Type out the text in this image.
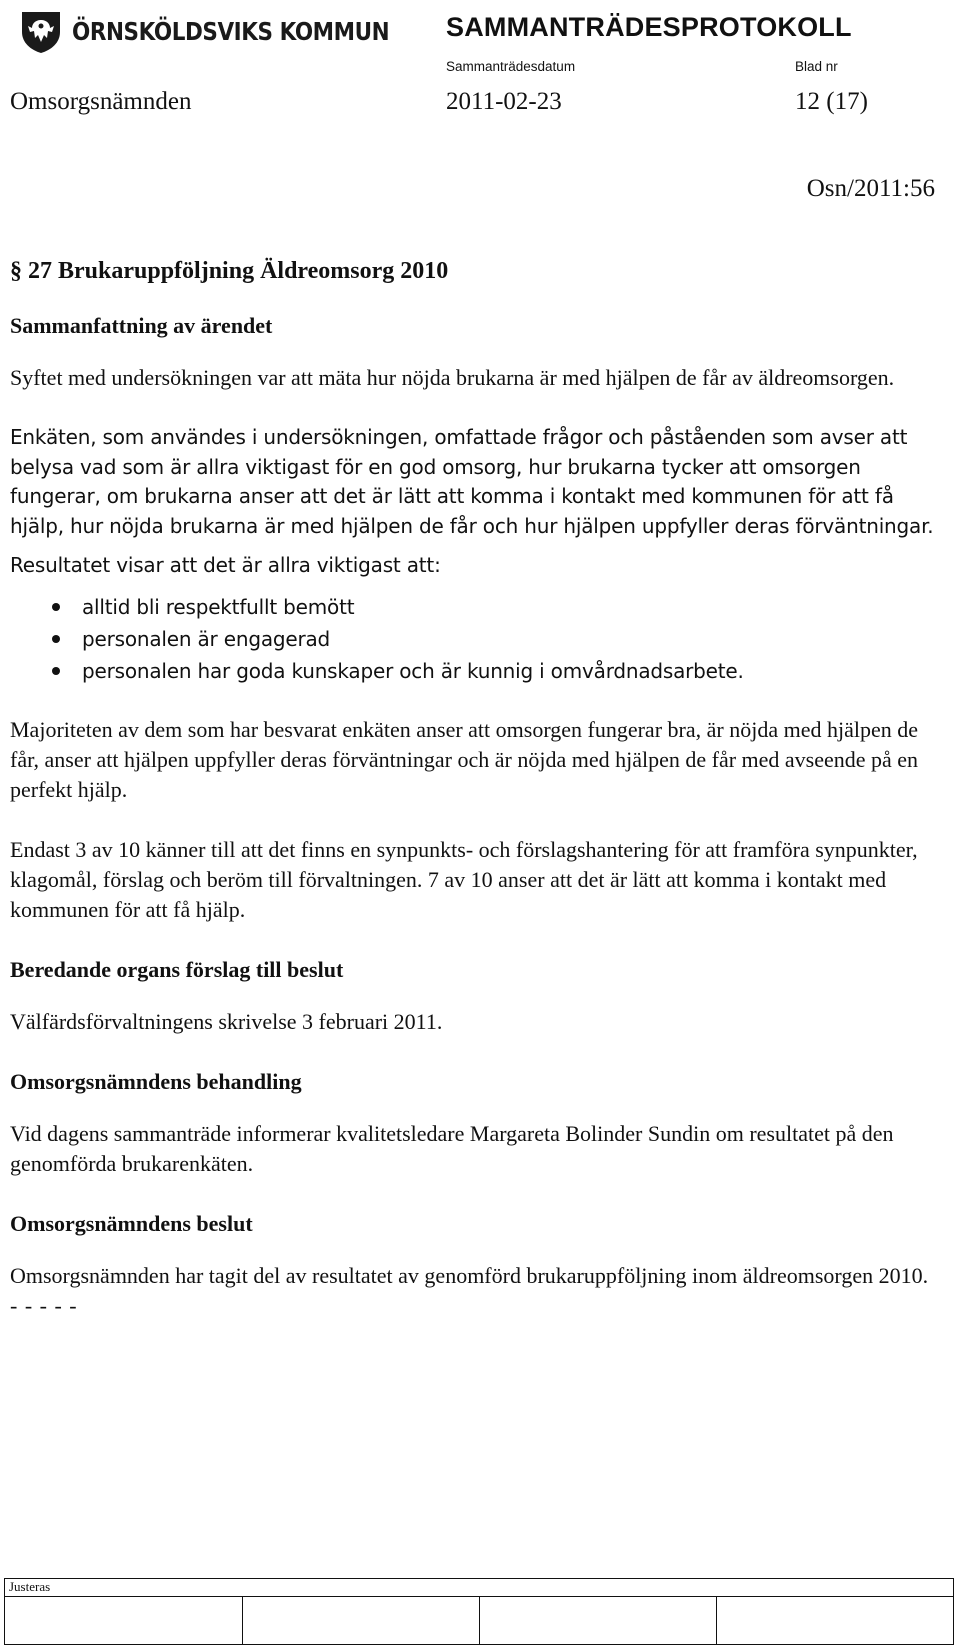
ÖRNSKÖLDSVIKS KOMMUN SAMMANTRÄDESPROTOKOLL
Sammanträdesdatum	Blad nr
Omsorgsnämnden	2011-02-23	12 (17)
Osn/2011:56
§ 27 Brukaruppföljning Äldreomsorg 2010
Sammanfattning av ärendet

Syftet med undersökningen var att mäta hur nöjda brukarna är med hjälpen de får av äldreomsorgen.

Enkäten, som användes i undersökningen, omfattade frågor och påståenden som avser att belysa vad som är allra viktigast för en god omsorg, hur brukarna tycker att omsorgen fungerar, om brukarna anser att det är lätt att komma i kontakt med kommunen för att få hjälp, hur nöjda brukarna är med hjälpen de får och hur hjälpen uppfyller deras förväntningar.

Resultatet visar att det är allra viktigast att:

alltid bli respektfullt bemött
personalen är engagerad
personalen har goda kunskaper och är kunnig i omvårdnadsarbete.

Majoriteten av dem som har besvarat enkäten anser att omsorgen fungerar bra, är nöjda med hjälpen de får, anser att hjälpen uppfyller deras förväntningar och är nöjda med hjälpen de får med avseende på en perfekt hjälp.

Endast 3 av 10 känner till att det finns en synpunkts- och förslagshantering för att framföra synpunkter, klagomål, förslag och beröm till förvaltningen. 7 av 10 anser att det är lätt att komma i kontakt med kommunen för att få hjälp.

Beredande organs förslag till beslut

Välfärdsförvaltningens skrivelse 3 februari 2011.

Omsorgsnämndens behandling

Vid dagens sammanträde informerar kvalitetsledare Margareta Bolinder Sundin om resultatet på den genomförda brukarenkäten.

Omsorgsnämndens beslut

Omsorgsnämnden har tagit del av resultatet av genomförd brukaruppföljning inom äldreomsorgen 2010.

- - - - -

Justeras
